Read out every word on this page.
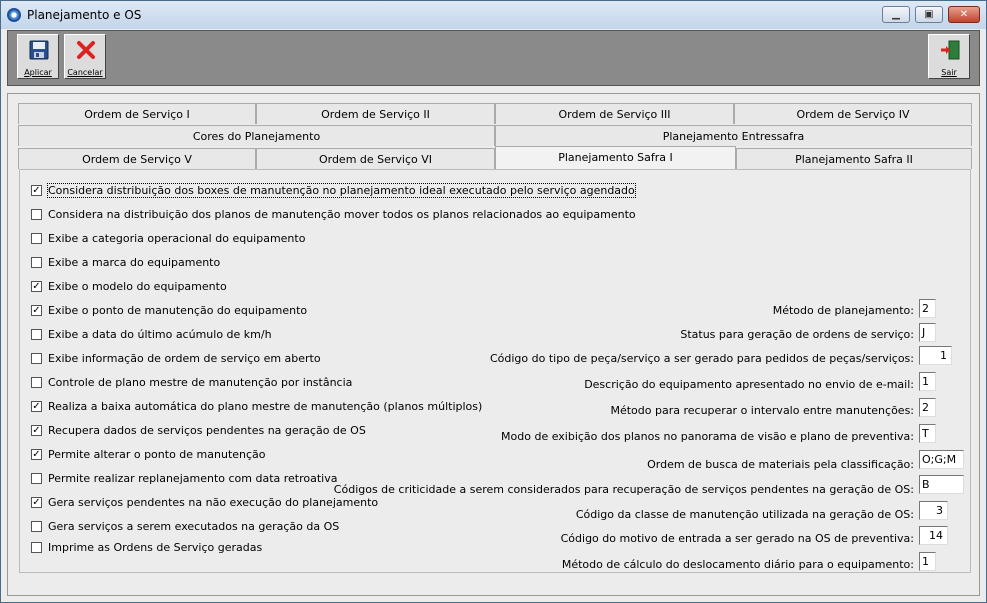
Planejamento e OS	▁	▣	✕
Aplicar	Cancelar	Sair
Ordem de Serviço I	Ordem de Serviço II	Ordem de Serviço III	Ordem de Serviço IV
Cores do Planejamento	Planejamento Entressafra
Ordem de Serviço V	Ordem de Serviço VI	Planejamento Safra I	Planejamento Safra II
✓ Considera distribuição dos boxes de manutenção no planejamento ideal executado pelo serviço agendado
Considera na distribuição dos planos de manutenção mover todos os planos relacionados ao equipamento
Exibe a categoria operacional do equipamento
Exibe a marca do equipamento
✓ Exibe o modelo do equipamento
✓ Exibe o ponto de manutenção do equipamento
Exibe a data do último acúmulo de km/h
Exibe informação de ordem de serviço em aberto
Controle de plano mestre de manutenção por instância
✓ Realiza a baixa automática do plano mestre de manutenção (planos múltiplos)
✓ Recupera dados de serviços pendentes na geração de OS
✓ Permite alterar o ponto de manutenção
Permite realizar replanejamento com data retroativa
✓ Gera serviços pendentes na não execução do planejamento
Gera serviços a serem executados na geração da OS
Imprime as Ordens de Serviço geradas
Método de planejamento: 2
Status para geração de ordens de serviço: J
Código do tipo de peça/serviço a ser gerado para pedidos de peças/serviços:	1
Descrição do equipamento apresentado no envio de e-mail: 1
Método para recuperar o intervalo entre manutenções: 2
Modo de exibição dos planos no panorama de visão e plano de preventiva: T
Ordem de busca de materiais pela classificação: O;G;M
Códigos de criticidade a serem considerados para recuperação de serviços pendentes na geração de OS: B
Código da classe de manutenção utilizada na geração de OS:	3
Código do motivo de entrada a ser gerado na OS de preventiva:	14
Método de cálculo do deslocamento diário para o equipamento: 1
